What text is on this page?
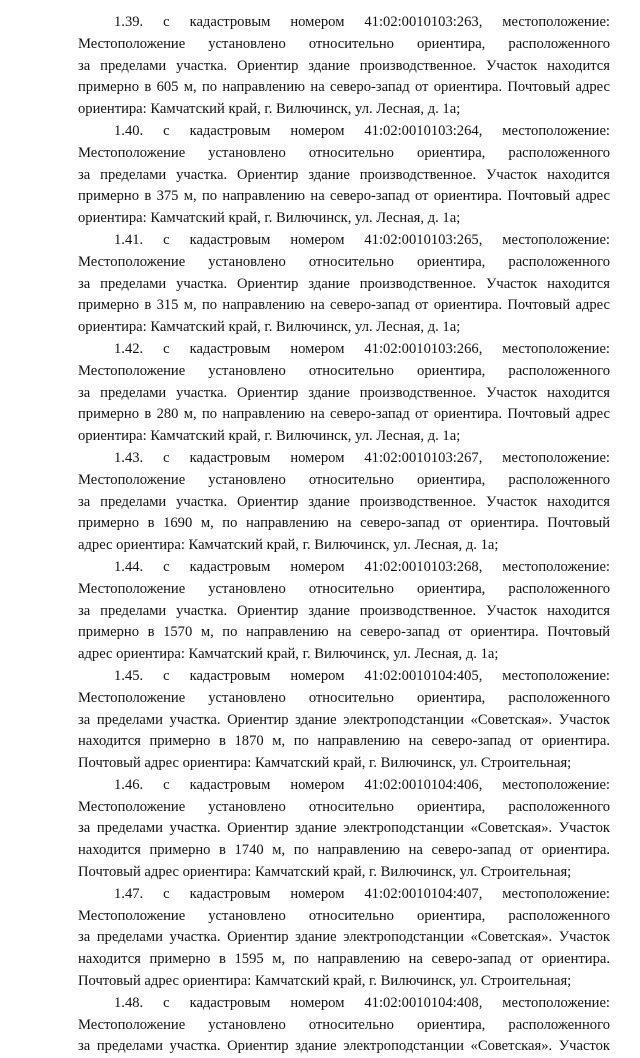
1.39. с кадастровым номером 41:02:0010103:263, местоположение:
Местоположение установлено относительно ориентира, расположенного
за пределами участка. Ориентир здание производственное. Участок находится
примерно в 605 м, по направлению на северо-запад от ориентира. Почтовый адрес
ориентира: Камчатский край, г. Вилючинск, ул. Лесная, д. 1а;
1.40. с кадастровым номером 41:02:0010103:264, местоположение:
Местоположение установлено относительно ориентира, расположенного
за пределами участка. Ориентир здание производственное. Участок находится
примерно в 375 м, по направлению на северо-запад от ориентира. Почтовый адрес
ориентира: Камчатский край, г. Вилючинск, ул. Лесная, д. 1а;
1.41. с кадастровым номером 41:02:0010103:265, местоположение:
Местоположение установлено относительно ориентира, расположенного
за пределами участка. Ориентир здание производственное. Участок находится
примерно в 315 м, по направлению на северо-запад от ориентира. Почтовый адрес
ориентира: Камчатский край, г. Вилючинск, ул. Лесная, д. 1а;
1.42. с кадастровым номером 41:02:0010103:266, местоположение:
Местоположение установлено относительно ориентира, расположенного
за пределами участка. Ориентир здание производственное. Участок находится
примерно в 280 м, по направлению на северо-запад от ориентира. Почтовый адрес
ориентира: Камчатский край, г. Вилючинск, ул. Лесная, д. 1а;
1.43. с кадастровым номером 41:02:0010103:267, местоположение:
Местоположение установлено относительно ориентира, расположенного
за пределами участка. Ориентир здание производственное. Участок находится
примерно в 1690 м, по направлению на северо-запад от ориентира. Почтовый
адрес ориентира: Камчатский край, г. Вилючинск, ул. Лесная, д. 1а;
1.44. с кадастровым номером 41:02:0010103:268, местоположение:
Местоположение установлено относительно ориентира, расположенного
за пределами участка. Ориентир здание производственное. Участок находится
примерно в 1570 м, по направлению на северо-запад от ориентира. Почтовый
адрес ориентира: Камчатский край, г. Вилючинск, ул. Лесная, д. 1а;
1.45. с кадастровым номером 41:02:0010104:405, местоположение:
Местоположение установлено относительно ориентира, расположенного
за пределами участка. Ориентир здание электроподстанции «Советская». Участок
находится примерно в 1870 м, по направлению на северо-запад от ориентира.
Почтовый адрес ориентира: Камчатский край, г. Вилючинск, ул. Строительная;
1.46. с кадастровым номером 41:02:0010104:406, местоположение:
Местоположение установлено относительно ориентира, расположенного
за пределами участка. Ориентир здание электроподстанции «Советская». Участок
находится примерно в 1740 м, по направлению на северо-запад от ориентира.
Почтовый адрес ориентира: Камчатский край, г. Вилючинск, ул. Строительная;
1.47. с кадастровым номером 41:02:0010104:407, местоположение:
Местоположение установлено относительно ориентира, расположенного
за пределами участка. Ориентир здание электроподстанции «Советская». Участок
находится примерно в 1595 м, по направлению на северо-запад от ориентира.
Почтовый адрес ориентира: Камчатский край, г. Вилючинск, ул. Строительная;
1.48. с кадастровым номером 41:02:0010104:408, местоположение:
Местоположение установлено относительно ориентира, расположенного
за пределами участка. Ориентир здание электроподстанции «Советская». Участок
